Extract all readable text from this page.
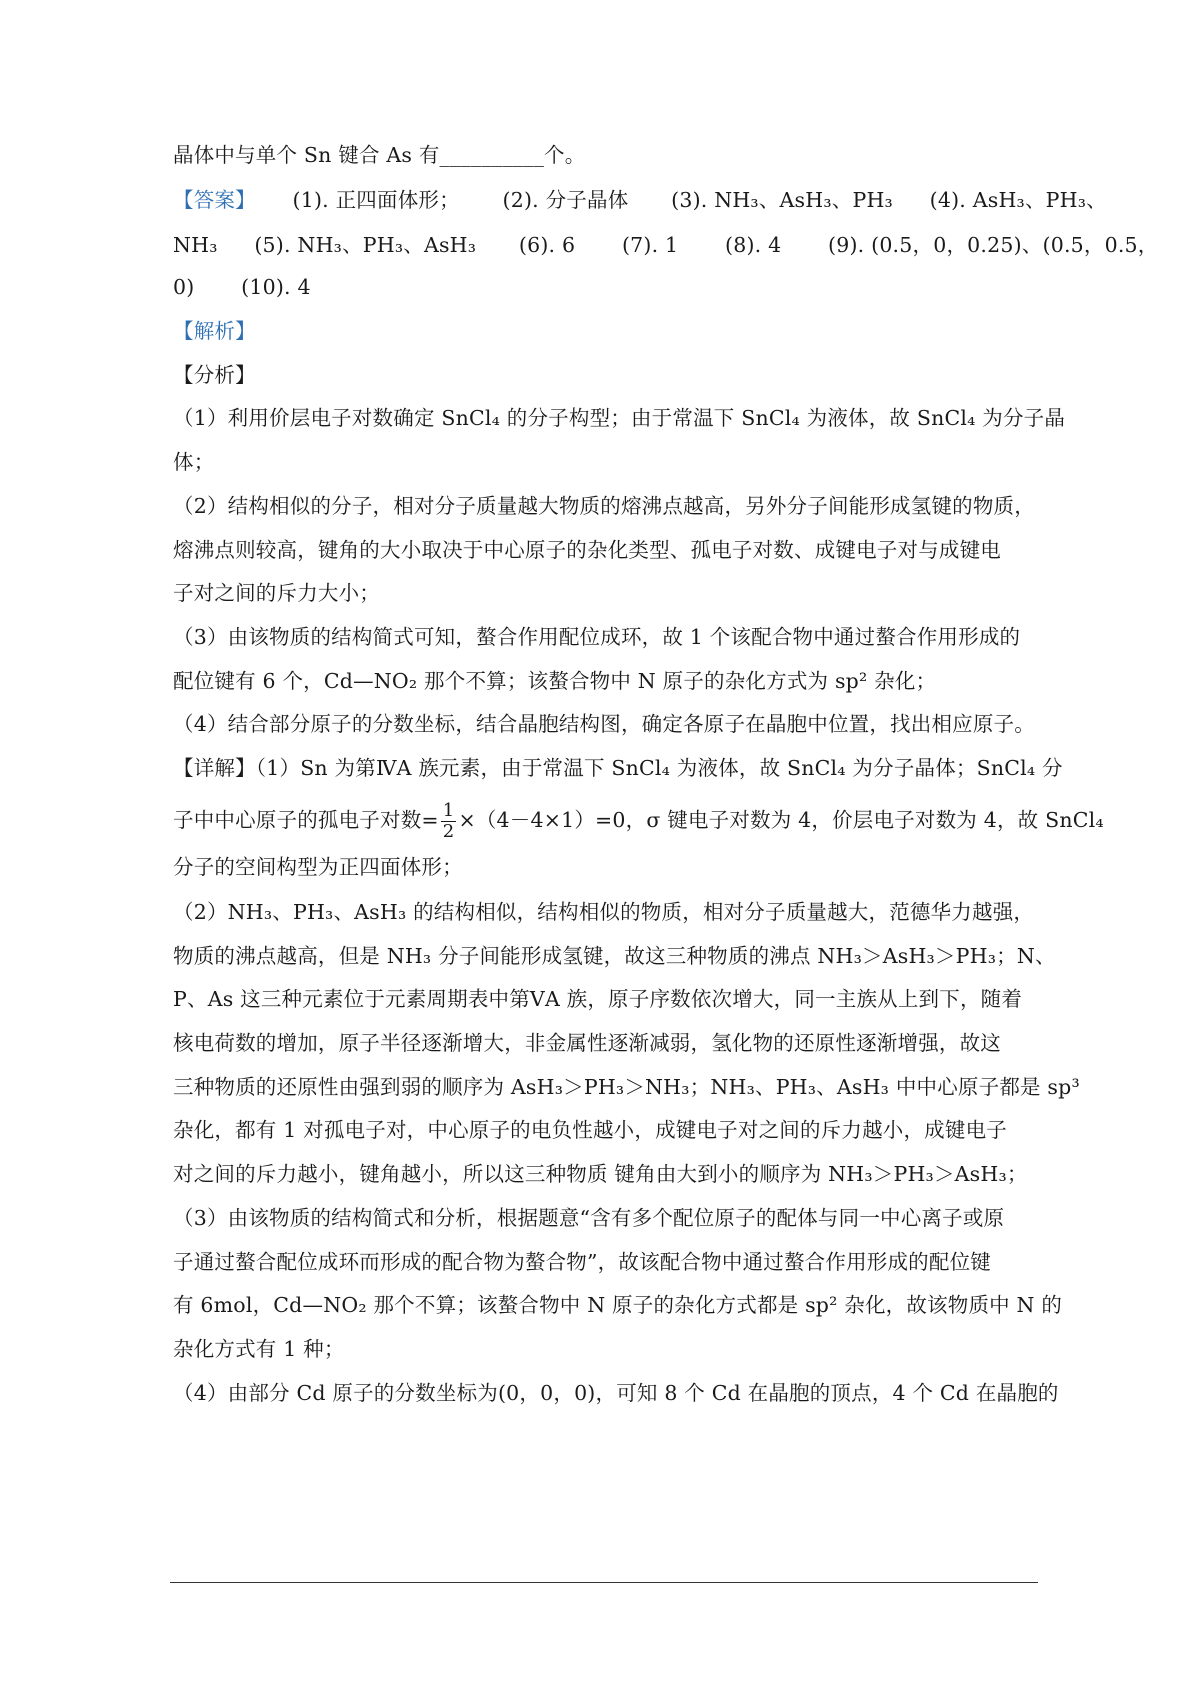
晶体中与单个 Sn 键合 As 有__________个。
【答案】 (1). 正四面体形； (2). 分子晶体 (3). NH₃、AsH₃、PH₃ (4). AsH₃、PH₃、
NH₃ (5). NH₃、PH₃、AsH₃ (6). 6 (7). 1 (8). 4 (9). (0.5，0，0.25)、(0.5，0.5，
0) (10). 4
【解析】
【分析】
（1）利用价层电子对数确定 SnCl₄ 的分子构型；由于常温下 SnCl₄ 为液体，故 SnCl₄ 为分子晶
体；
（2）结构相似的分子，相对分子质量越大物质的熔沸点越高，另外分子间能形成氢键的物质，
熔沸点则较高，键角的大小取决于中心原子的杂化类型、孤电子对数、成键电子对与成键电
子对之间的斥力大小；
（3）由该物质的结构简式可知，螯合作用配位成环，故 1 个该配合物中通过螯合作用形成的
配位键有 6 个，Cd—NO₂ 那个不算；该螯合物中 N 原子的杂化方式为 sp² 杂化；
（4）结合部分原子的分数坐标，结合晶胞结构图，确定各原子在晶胞中位置，找出相应原子。
【详解】（1）Sn 为第ⅣA 族元素，由于常温下 SnCl₄ 为液体，故 SnCl₄ 为分子晶体；SnCl₄ 分
子中中心原子的孤电子对数= $\frac{1}{2} \times(4-4\times 1)=0$，σ 键电子对数为 4，价层电子对数为 4，故 SnCl₄
分子的空间构型为正四面体形；
（2）NH₃、PH₃、AsH₃ 的结构相似，结构相似的物质，相对分子质量越大，范德华力越强，
物质的沸点越高，但是 NH₃ 分子间能形成氢键，故这三种物质的沸点 NH₃＞AsH₃＞PH₃；N、
P、As 这三种元素位于元素周期表中第ⅤA 族，原子序数依次增大，同一主族从上到下，随着
核电荷数的增加，原子半径逐渐增大，非金属性逐渐减弱，氢化物的还原性逐渐增强，故这
三种物质的还原性由强到弱的顺序为 AsH₃＞PH₃＞NH₃；NH₃、PH₃、AsH₃ 中中心原子都是 sp³
杂化，都有 1 对孤电子对，中心原子的电负性越小，成键电子对之间的斥力越小，成键电子
对之间的斥力越小，键角越小，所以这三种物质 键角由大到小的顺序为 NH₃＞PH₃＞AsH₃；
（3）由该物质的结构简式和分析，根据题意“含有多个配位原子的配体与同一中心离子或原
子通过螯合配位成环而形成的配合物为螯合物”，故该配合物中通过螯合作用形成的配位键
有 6mol，Cd—NO₂ 那个不算；该螯合物中 N 原子的杂化方式都是 sp² 杂化，故该物质中 N 的
杂化方式有 1 种；
（4）由部分 Cd 原子的分数坐标为(0，0，0)，可知 8 个 Cd 在晶胞的顶点，4 个 Cd 在晶胞的
